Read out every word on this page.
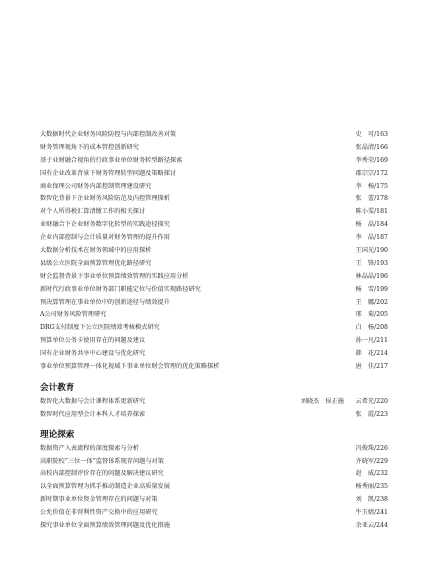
大数据时代企业财务风险防控与内部控制改善对策	史　可/163
财务管理视角下的成本管控创新研究	张晶清/166
基于业财融合视角的行政事业单位财务转型路径探索	李秀荣/169
国有企业改革背景下财务管理转型问题及策略探讨	郡宗宗/172
商业保理公司财务内部控制管理建设研究	李　杨/175
数智化背景下企业财务风险防范及内控管理探析	张　蕾/178
对个人所得税汇算清缴工作的相关探讨	陈小雯/181
业财融合下企业财务数字化转型的实践途径探究	杨　晶/184
企业内部控制与会计质量对财务管理的提升作用	李　晶/187
大数据分析技术在财务领域中的应用探析	王国光/190
县级公立医院全面预算管理优化路径研究	王　锋/193
财会监督背景下事业单位预算绩效管理的实践应用分析	林晶晶/196
新时代行政事业单位财务部门职能定位与价值实现路径研究	杨　雪/199
预决算管理在事业单位中的创新途径与绩效提升	王　娜/202
A公司财务风险管理研究	邢　菊/205
DRG支付制度下公立医院绩效考核模式研究	白　杨/208
预算单位公务卡使用存在的问题及建议	孙一凡/211
国有企业财务共享中心建设与优化研究	韩　花/214
事业单位预算管理一体化视域下事业单位财会管理的优化策略探析	唐　佳/217
会计教育
数智化大数据与会计课程体系更新研究	刘晓杰　侯正施 云希充/220
数智时代应用型会计本科人才培养探索	张　霞/223
理论探索
数据资产入表流程的深度探索与分析	冯俊珠/226
高职院校“三位一体”监督体系现存问题与对策	齐晓军/229
高校内部控制评价存在的问题及解决建议研究	赵　威/232
以全面预算管理为抓手推动制造企业高质量发展	杨秀丽/235
新时期事业单位资金管理存在的问题与对策	刘　凯/238
公允价值在非营利性资产交换中的应用研究	牛玉婧/241
探究事业单位全面预算绩效管理问题及优化措施	余亚云/244
